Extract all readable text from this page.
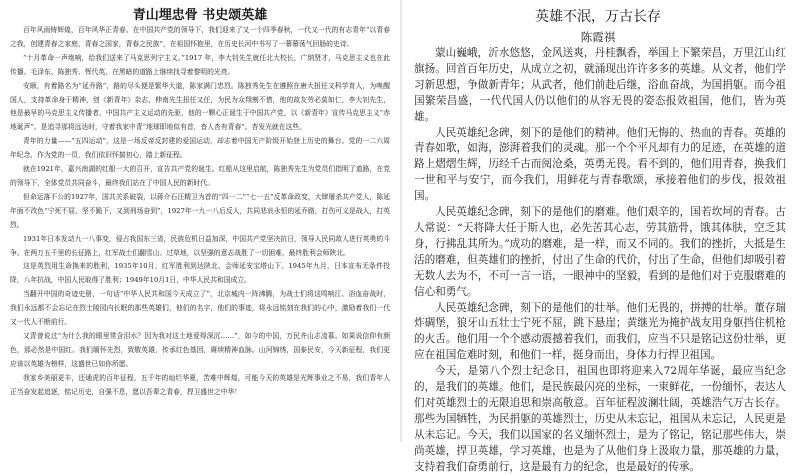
青山埋忠骨 书史颂英雄

百年风雨铸辉煌，百年风华正青春。在中国共产党的领导下，我们迎来了又一个四季春秋，一代又一代的有志青年“以青春之我，创建青春之家庭，青春之国家，青春之民族”，在祖国怀抱里，在历史长河中书写了一幕幕荡气回肠的史诗。

“十月革命一声炮响，给我们送来了马克思列宁主义。”1917 年，李大钊先生就任北大校长，广纳贤才，马克思主义也在此传播。毛泽东、陈独秀、恽代英、在黑暗的道路上继续找寻着黎明的光亮。

安顺，有着路名为“延乔路”，路的尽头便是繁华大道，陈家满门忠烈。陈独秀先生在遵照在唐大扭任又科学育人，为唤醒国人，支持革命身于精神，创《新青年》杂志，伸南先生扭任又任，为民为众翔割不惜，他的故友劳必莫如仁，李大钊先生，他是最早的马克思主义传播者，中国共产主义运动的先驱，他的一颗心正诞生于中国共产党，以《新青年》宣传马克思主义“赤地诞声”。是追寻那将远达时，守着我家中青“地球即地似有首，杳人杏有青春”。杏发光就在这些。

青年的力量——“五四运动”，这是一场反帝反封建的爱国运动，却志着中国无产阶级开始登上历史的舞台。党的一二六周年纪念，作为党的一员，我们依旧怀揣初心，踏上新征程。

就在1921年，嘉兴南湖的红船一大的召开，宣告共产党的诞生。红船从这里启航，陈独秀先生为党员们指明了道路，在党的领导下，全体党员共同奋斗，最终我们站在了中国人民的新时代。

但命运落不公的1927年，国共关系破裂，以蒋介石汪精卫为首的“四一二”“七一五”反革命政变，大肆屠杀共产党人，陈延年面不改色“宁死不屈，坚不跪下，又到刑场奋到”，1927年一九一八后反人，共同悲哀永恒的延乔路，打伤可义是战人，打英烈。

1931年日本发动九一八事变，侵占我国东三省，民族危机日益加深，中国共产党坚决抗日，领导人民同敌人进行英勇的斗争。在两万五千里的长征路上，红军战士们翻雪山、过草地，以坚强的意志战胜了一切困难，最终胜利会师陕北。

这是英烈用生命换来的胜利，1935年10月，红军胜利到达陕北，会师延安宝塔山下。1945年九月，日本宣布无条件投降，八年抗战，中国人民取得了胜利；1949年10月1日，中华人民共和国成立。

当翻开中国的奇迹史册，一句话“中华人民共和国今天成立了”，北京城内一阵沸腾，为战士们将这鸣响江、浴血奋战时，我们永远都不会忘记在烈士陵园内长眠的那些英雄们，他们的名字，他们的事迹，将永远铭刻在我们的心中，激励着我们一代又一代人不断前行。

又青曾说过“为什么我的眼里常含泪水？因为我对这土地爱得深沉……”，如今的中国，万民齐山志凌慕。如果说信仰有颜色，那必然是中国红。我们缅怀先烈，致敬英雄，传承红色基因，赓续精神血脉。山河锦绣，国泰民安，今天新征程，我们更应该以英雄为榜样，这盛世已如你所愿。

我家乡美丽更丰，还通虎的百年征程，五千年的灿烂华夏，苦难中辉煌，可能今天的英雄是光辉事业之不易，我们青年人正当奋发起追逐，铭记历史，自强不息，愿以吾辈之青春，捍卫盛世之中华！

英雄不泯，万古长存
陈霞祺

蒙山巍峨，沂水悠悠，金风送爽，丹桂飘香，举国上下繁荣昌，万里江山红旗扬。回首百年历史，从成立之初，就涌现出许许多多的英雄。从文者，他们学习新思想，争做新青年；从武者，他们前赴后继，浴血奋战，为国捐躯。而今祖国繁荣昌盛，一代代国人仍以他们的从容无畏的姿态报效祖国，他们，皆为英雄。

人民英雄纪念碑，刻下的是他们的精神。他们无悔的、热血的青春。英雄的青春如歌，如海，澎湃着我们的灵魂。那一个个平凡却有力的足迹，在英雄的道路上熠熠生辉，历经千古而阅沧桑，英勇无畏。看不到的，他们用青春，换我们一世和平与安宁，而今我们，用鲜花与青春歌颂，承接着他们的步伐，报效祖国。

人民英雄纪念碑，刻下的是他们的磨难。他们艰辛的，国若坎坷的青春。古人常说：“天将降大任于斯人也，必先苦其心志，劳其筋骨，饿其体肤，空乏其身，行拂乱其所为。”成功的磨难，是一样，而又不同的。我们的挫折，大抵是生活的磨难，但英雄们的挫折，付出了生命的代价，付出了生命，但他们却吸引着无数人去为不，不可一言一语，一眼神中的坚毅，看到的是他们对于克服磨难的信心和勇气。

人民英雄纪念碑，刻下的是他们的壮举。他们无畏的，拼搏的壮举。董存瑞炸碉堡，狼牙山五壮士宁死不屈，跳下悬崖；黄继光为掩护战友用身躯挡住机枪的火舌。他们用一个个感动震撼着我们，而我们，应当不只是铭记这份壮举，更应在祖国危难时刻，和他们一样，挺身而出，身体力行捍卫祖国。

今天，是第八个烈士纪念日，祖国也即将迎来入72周年华诞，最应当纪念的，是我们的英雄。他们，是民族最闪亮的坐标，一束鲜花，一份缅怀，表达人们对英雄烈士的无限追思和崇高敬意。百年征程波澜壮阔，英雄浩气万古长存。那些为国牺牲，为民捐躯的英雄烈士，历史从未忘记，祖国从未忘记，人民更是从未忘记。今天，我们以国家的名义缅怀烈士，是为了铭记，铭记那些伟大，崇尚英雄，捍卫英雄，学习英雄，也是为了从他们身上汲取力量，那英雄的力量，支持着我们奋勇前行，这是最有力的纪念，也是最好的传承。
